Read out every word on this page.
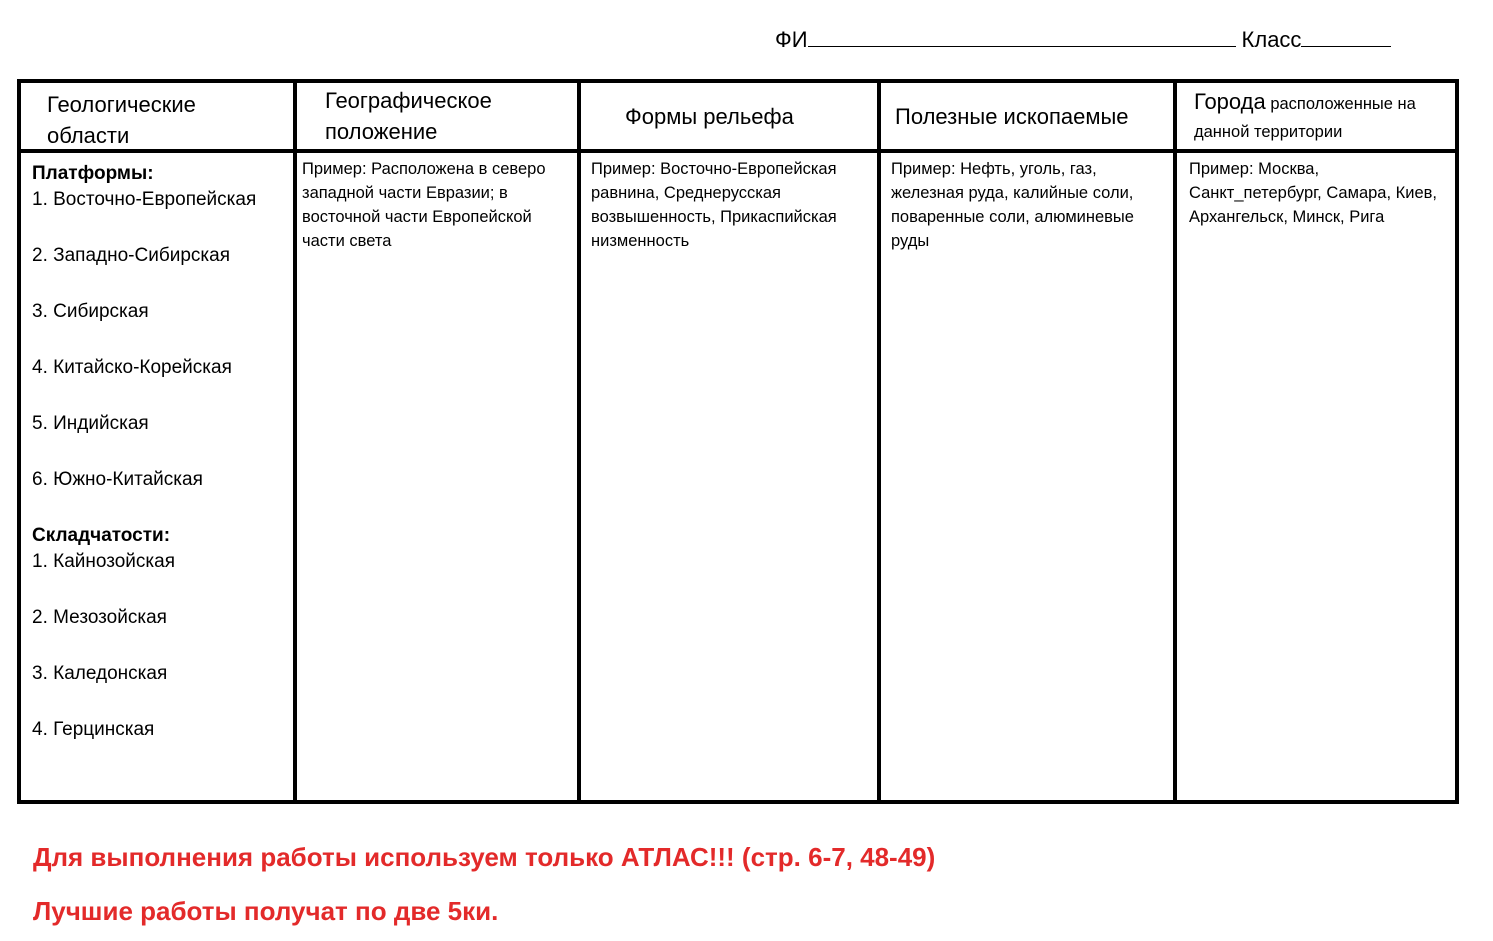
ФИ	Класс
Геологические
области
Платформы:
1. Восточно-Европейская
2. Западно-Сибирская
3. Сибирская
4. Китайско-Корейская
5. Индийская
6. Южно-Китайская
Складчатости:
1. Кайнозойская
2. Мезозойская
3. Каледонская
4. Герцинская
Географическое
положение
Пример: Расположена в северо западной части Евразии; в восточной части Европейской части света
Формы рельефа
Пример: Восточно-Европейская равнина, Среднерусская возвышенность, Прикаспийская низменность
Полезные ископаемые
Пример: Нефть, уголь, газ, железная руда, калийные соли, поваренные соли, алюминевые руды
Города расположенные на данной территории
Пример: Москва, Санкт_петербург, Самара, Киев, Архангельск, Минск, Рига
Для выполнения работы используем только АТЛАС!!! (стр. 6-7, 48-49)
Лучшие работы получат по две 5ки.
